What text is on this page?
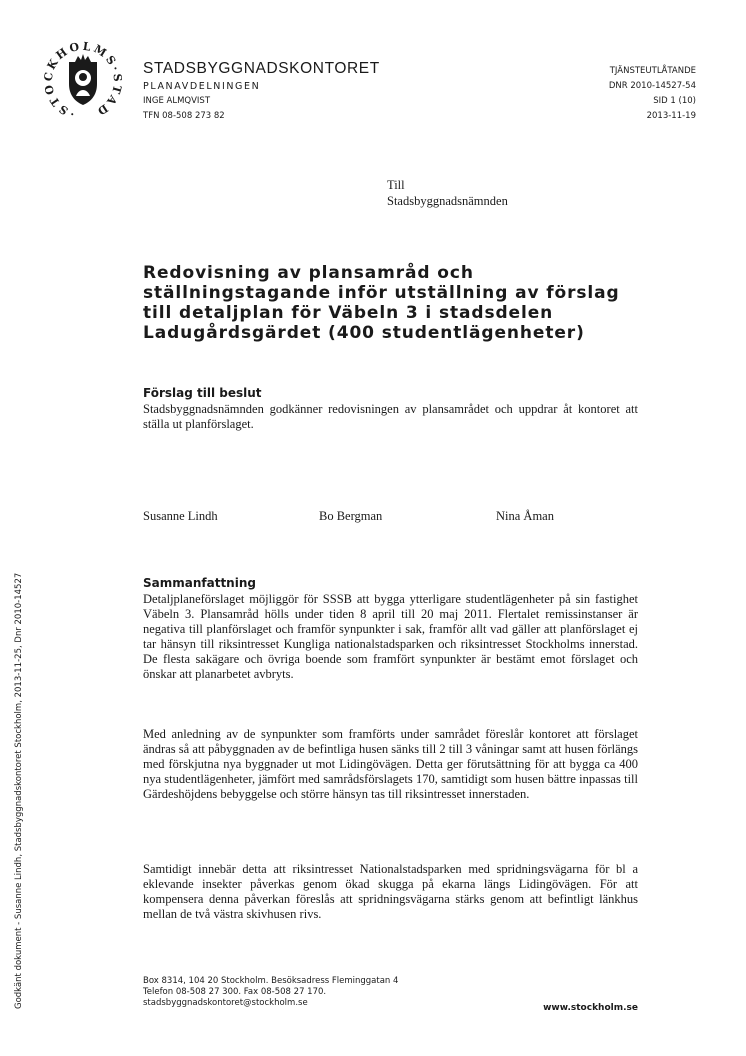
·STOCKHOLMS·STAD
STADSBYGGNADSKONTORET
PLANAVDELNINGEN
INGE ALMQVIST
TFN 08-508 273 82
TJÄNSTEUTLÅTANDE
DNR 2010-14527-54
SID 1 (10)
2013-11-19
Till
Stadsbyggnadsnämnden
Redovisning av plansamråd och ställningstagande inför utställning av förslag till detaljplan för Väbeln 3 i stadsdelen Ladugårdsgärdet (400 studentlägenheter)
Förslag till beslut
Stadsbyggnadsnämnden godkänner redovisningen av plansamrådet och uppdrar åt kontoret att ställa ut planförslaget.
Susanne Lindh	Bo Bergman	Nina Åman
Sammanfattning
Detaljplaneförslaget möjliggör för SSSB att bygga ytterligare studentlägenheter på sin fastighet Väbeln 3. Plansamråd hölls under tiden 8 april till 20 maj 2011. Flertalet remissinstanser är negativa till planförslaget och framför synpunkter i sak, framför allt vad gäller att planförslaget ej tar hänsyn till riksintresset Kungliga nationalstadsparken och riksintresset Stockholms innerstad. De flesta sakägare och övriga boende som framfört synpunkter är bestämt emot förslaget och önskar att planarbetet avbryts.
Med anledning av de synpunkter som framförts under samrådet föreslår kontoret att förslaget ändras så att påbyggnaden av de befintliga husen sänks till 2 till 3 våningar samt att husen förlängs med förskjutna nya byggnader ut mot Lidingövägen. Detta ger förutsättning för att bygga ca 400 nya studentlägenheter, jämfört med samrådsförslagets 170, samtidigt som husen bättre inpassas till Gärdeshöjdens bebyggelse och större hänsyn tas till riksintresset innerstaden.
Samtidigt innebär detta att riksintresset Nationalstadsparken med spridningsvägarna för bl a eklevande insekter påverkas genom ökad skugga på ekarna längs Lidingövägen. För att kompensera denna påverkan föreslås att spridningsvägarna stärks genom att befintligt länkhus mellan de två västra skivhusen rivs.
Box 8314, 104 20 Stockholm. Besöksadress Fleminggatan 4
Telefon 08-508 27 300. Fax 08-508 27 170.
stadsbyggnadskontoret@stockholm.se	www.stockholm.se
Godkänt dokument - Susanne Lindh, Stadsbyggnadskontoret Stockholm, 2013-11-25, Dnr 2010-14527
